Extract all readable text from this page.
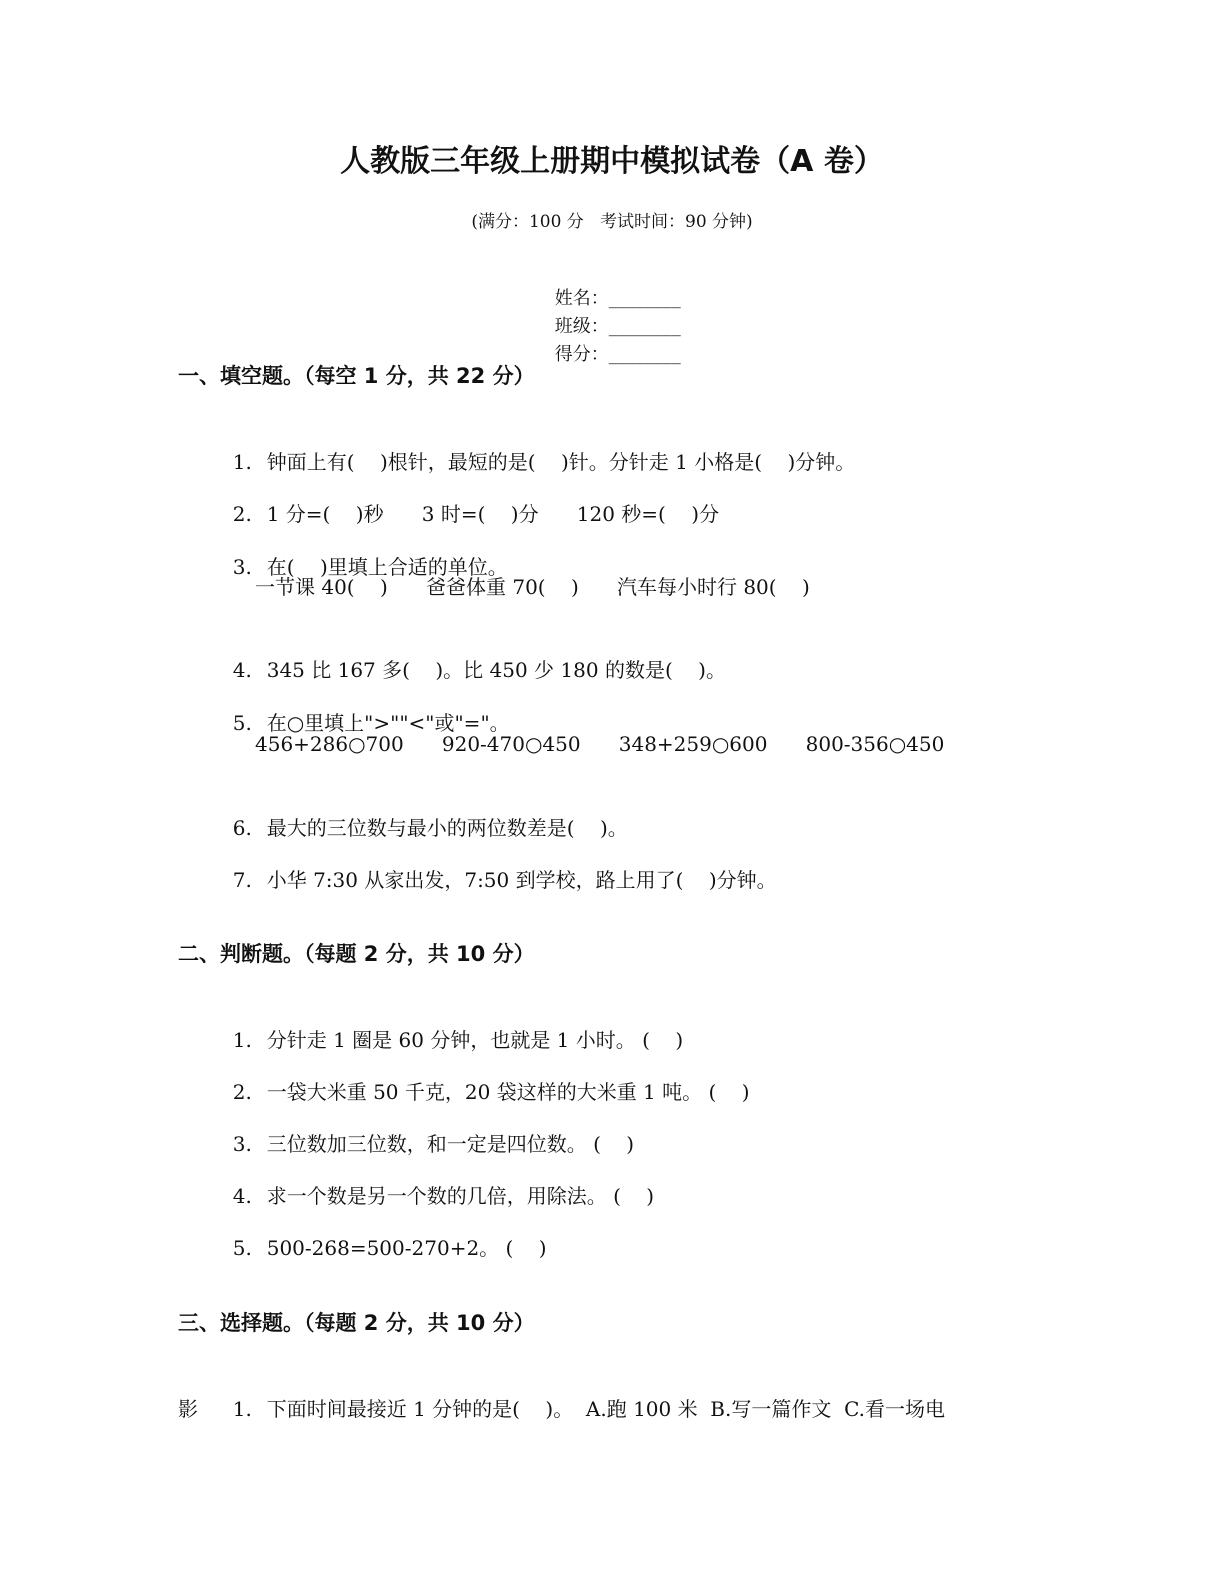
人教版三年级上册期中模拟试卷（A 卷）
(满分：100 分   考试时间：90 分钟)

姓名：________
班级：________
得分：________

一、填空题。（每空 1 分，共 22 分）

1. 钟面上有(    )根针，最短的是(    )针。分针走 1 小格是(    )分钟。

2. 1 分=(    )秒      3 时=(    )分      120 秒=(    )分

3. 在(    )里填上合适的单位。

一节课 40(    )      爸爸体重 70(    )      汽车每小时行 80(    )

4. 345 比 167 多(    )。比 450 少 180 的数是(    )。

5. 在○里填上">""<"或"="。

456+286○700      920-470○450      348+259○600      800-356○450

6. 最大的三位数与最小的两位数差是(    )。

7. 小华 7:30 从家出发，7:50 到学校，路上用了(    )分钟。

二、判断题。（每题 2 分，共 10 分）

1. 分针走 1 圈是 60 分钟，也就是 1 小时。 (    )

2. 一袋大米重 50 千克，20 袋这样的大米重 1 吨。 (    )

3. 三位数加三位数，和一定是四位数。 (    )

4. 求一个数是另一个数的几倍，用除法。 (    )

5. 500-268=500-270+2。 (    )

三、选择题。（每题 2 分，共 10 分）

1. 下面时间最接近 1 分钟的是(    )。  A.跑 100 米  B.写一篇作文  C.看一场电

影
